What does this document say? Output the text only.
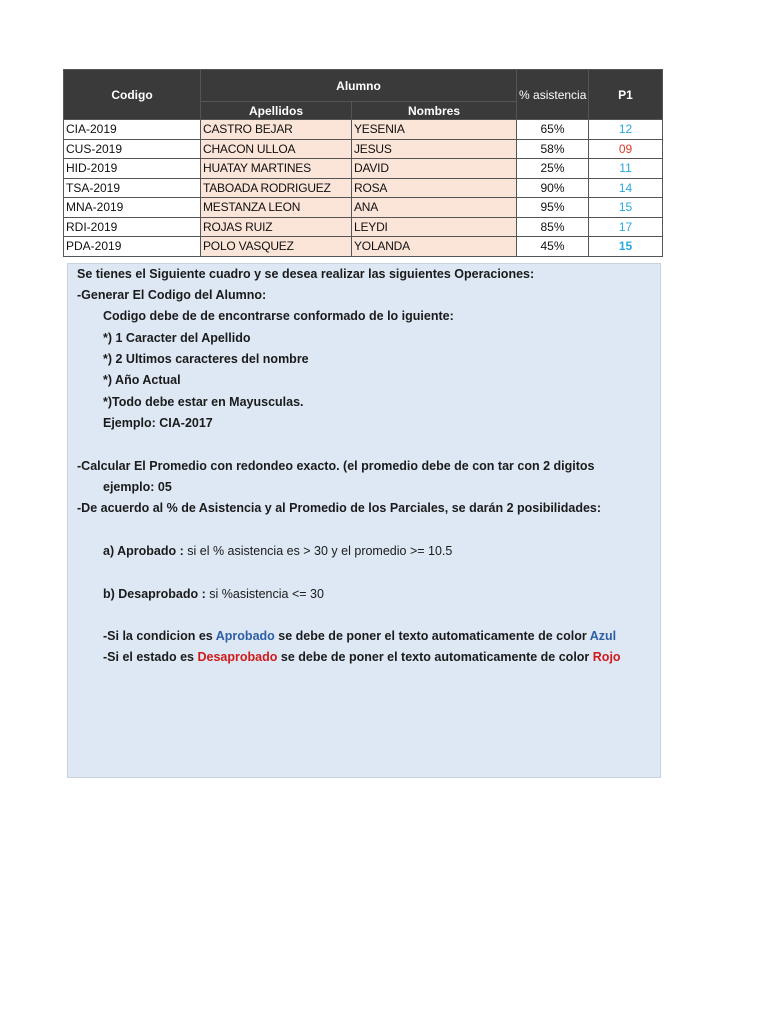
Codigo	Alumno		% asistencia	P1
	Apellidos	Nombres		
CIA-2019	CASTRO BEJAR	YESENIA	65%	12
CUS-2019	CHACON ULLOA	JESUS	58%	09
HID-2019	HUATAY MARTINES	DAVID	25%	11
TSA-2019	TABOADA RODRIGUEZ	ROSA	90%	14
MNA-2019	MESTANZA LEON	ANA	95%	15
RDI-2019	ROJAS RUIZ	LEYDI	85%	17
PDA-2019	POLO VASQUEZ	YOLANDA	45%	15
Se tienes el Siguiente cuadro y se desea realizar las siguientes Operaciones:
-Generar El Codigo del Alumno:
Codigo debe de de encontrarse conformado de lo iguiente:
*) 1 Caracter del Apellido
*) 2 Ultimos caracteres del nombre
*) Año Actual
*)Todo debe estar en Mayusculas.
Ejemplo: CIA-2017
-Calcular El Promedio con redondeo exacto. (el promedio debe de con tar con 2 digitos
ejemplo: 05
-De acuerdo al % de Asistencia y al Promedio de los Parciales, se darán 2 posibilidades:
a) Aprobado : si el % asistencia es > 30 y el promedio >= 10.5
b) Desaprobado : si %asistencia <= 30
-Si la condicion es Aprobado se debe de poner el texto automaticamente de color Azul
-Si el estado es Desaprobado se debe de poner el texto automaticamente de color Rojo
